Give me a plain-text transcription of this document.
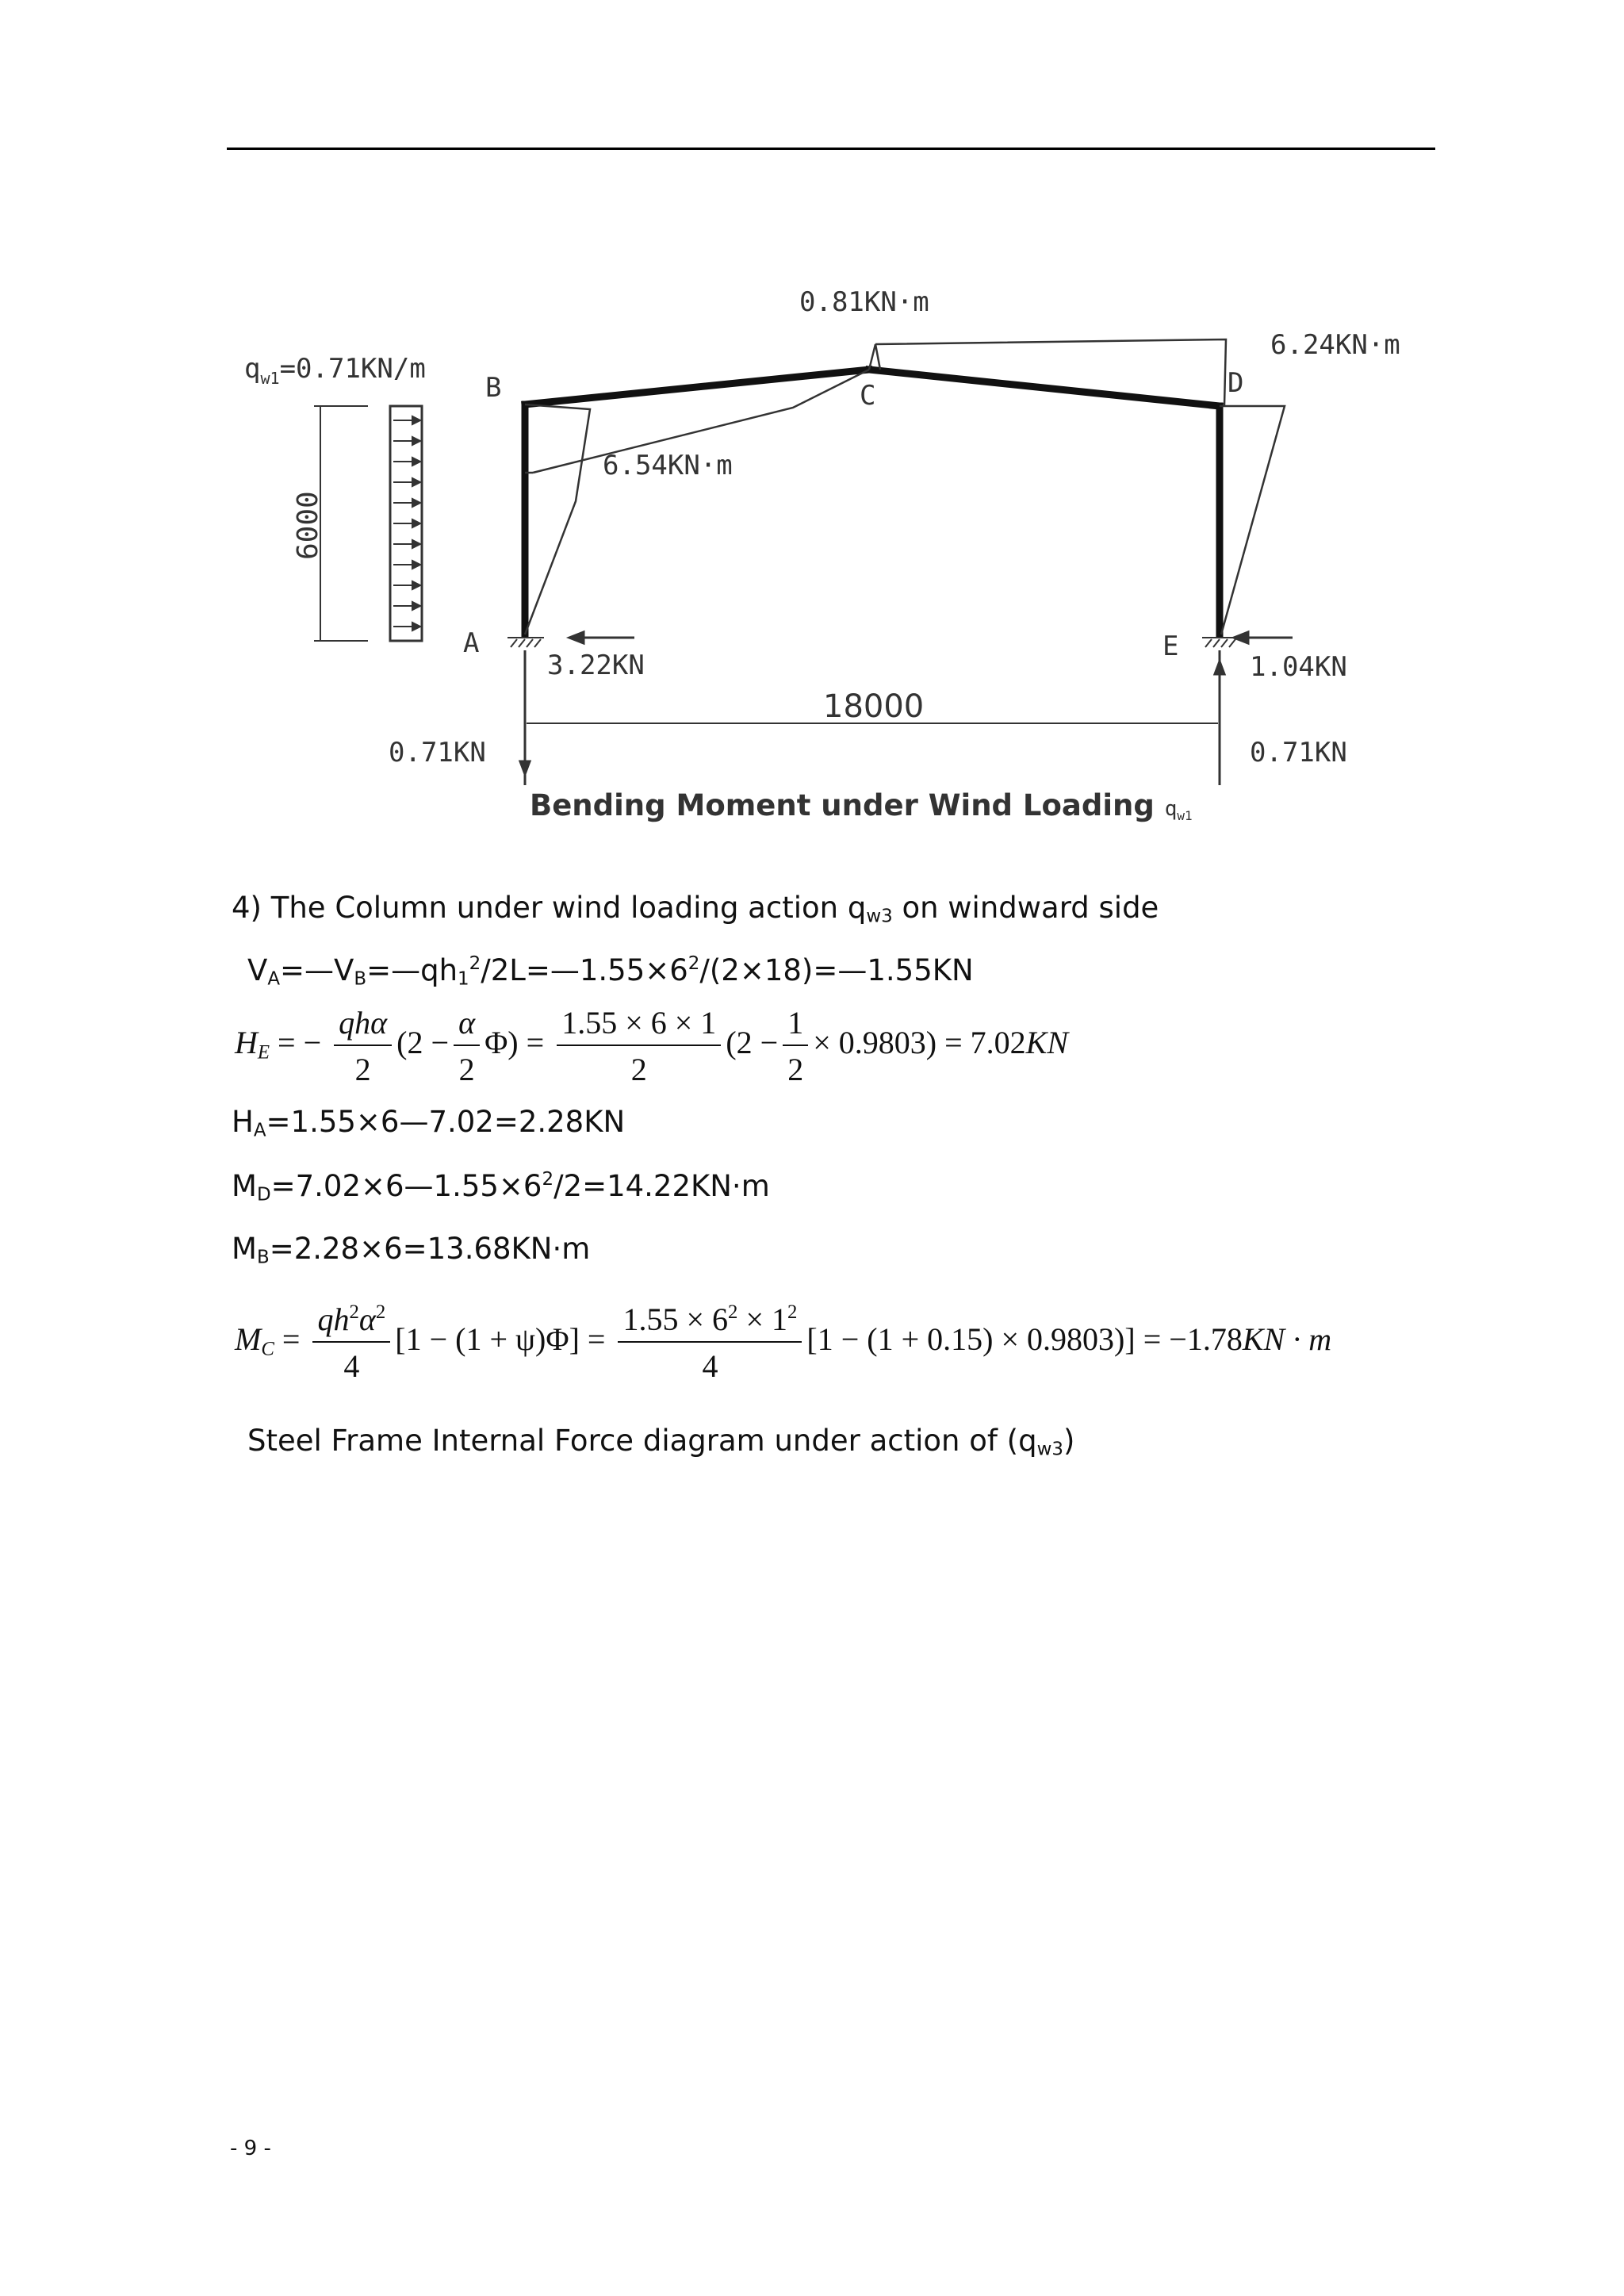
$q_{w1}=0.71KN/m$
6000
18000
A
B	C	D
E
0.81KN·m
6.24KN·m
6.54KN·m
3.22KN	1.04KN
0.71KN	0.71KN
Bending Moment under Wind Loading qw1
4) The Column under wind loading action $q_{w3}$ on windward side
$V_A=—V_B=—qh_1^2/2L=—1.55\times 6^2/(2\times 18)=—1.55KN$
$H_E$ = − $\frac{\text{qhα}}{2} (2 - \frac{\alpha}{2} \Phi) = \frac{1.55 \times 6 \times 1}{2} (2 - \frac{1}{2} \times 0.9803) = 7.02KN$
$H_A=1.55\times 6—7.02=2.28KN$
$M_D=7.02\times 6—1.55\times 6^2/2=14.22KN\cdot m$
$M_B=2.28\times 6=13.68KN\cdot m$
$M_C = \frac{qh^2\alpha^2}{4} [1 - (1 + \psi)\Phi] = \frac{1.55 \times 6^2 \times 1^2}{4} [1 - (1 + 0.15) \times 0.9803)] = -1.78KN \cdot m$
Steel Frame Internal Force diagram under action of $(q_{w3})$
- 9 -
